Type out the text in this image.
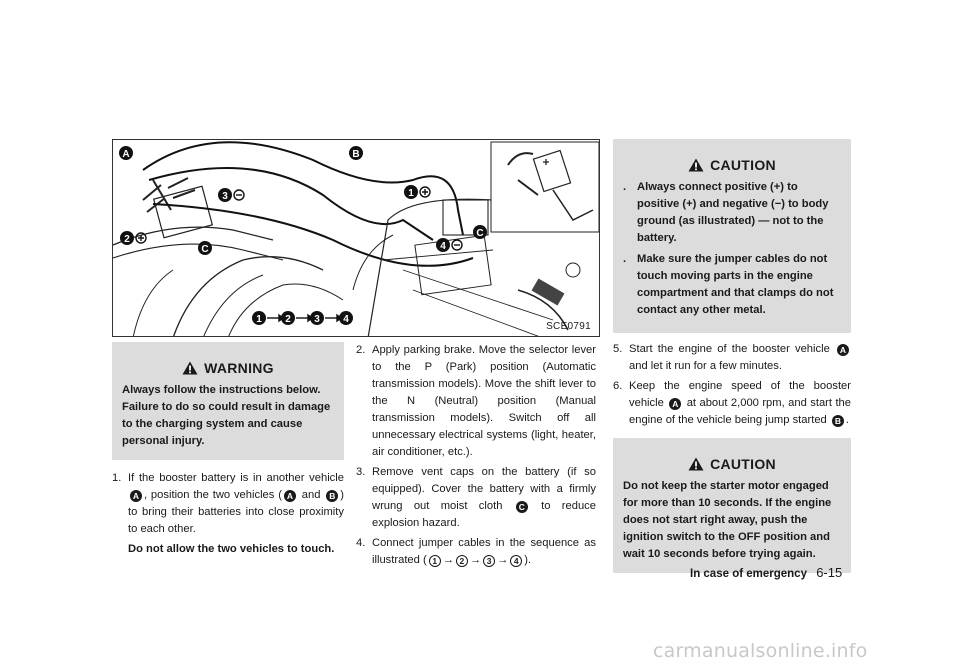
A	B
C
C
3
2
1
4
1 2 3 4
SCE0791
WARNING
Always follow the instructions below. Failure to do so could result in damage to the charging system and cause personal injury.
1. If the booster battery is in another vehicle A , position the two vehicles ( A and B ) to bring their batteries into close proximity to each other.
Do not allow the two vehicles to touch.
2. Apply parking brake. Move the selector lever to the P (Park) position (Automatic transmission models). Move the shift lever to the N (Neutral) position (Manual transmission models). Switch off all unnecessary electrical systems (light, heater, air conditioner, etc.).
3. Remove vent caps on the battery (if so equipped). Cover the battery with a firmly wrung out moist cloth C to reduce explosion hazard.
4. Connect jumper cables in the sequence as illustrated ( 1 → 2 → 3 → 4 ).
CAUTION
. Always connect positive (+) to positive (+) and negative (−) to body ground (as illustrated) — not to the battery.
. Make sure the jumper cables do not touch moving parts in the engine compartment and that clamps do not contact any other metal.
5. Start the engine of the booster vehicle A and let it run for a few minutes.
6. Keep the engine speed of the booster vehicle A at about 2,000 rpm, and start the engine of the vehicle being jump started B .
CAUTION
Do not keep the starter motor engaged for more than 10 seconds. If the engine does not start right away, push the ignition switch to the OFF position and wait 10 seconds before trying again.
In case of emergency 6-15
carmanualsonline.info
